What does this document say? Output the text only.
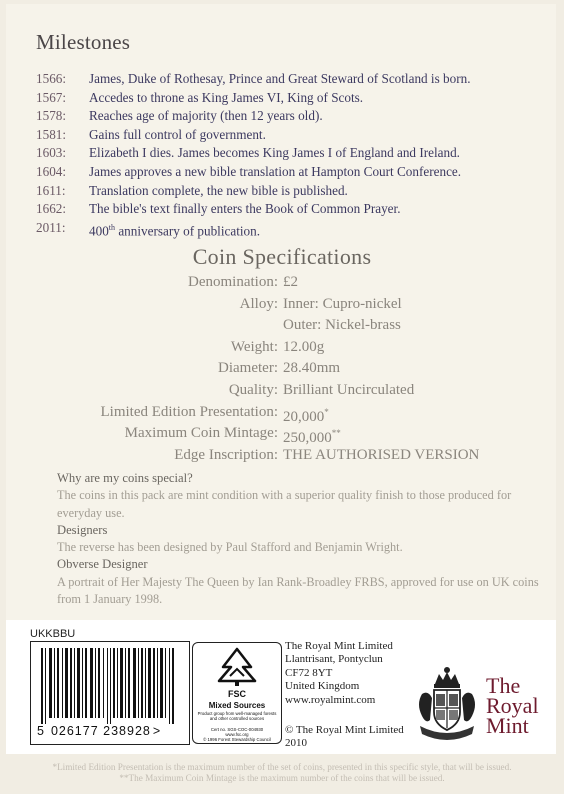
Milestones
1566:	James, Duke of Rothesay, Prince and Great Steward of Scotland is born.
1567:	Accedes to throne as King James VI, King of Scots.
1578:	Reaches age of majority (then 12 years old).
1581:	Gains full control of government.
1603:	Elizabeth I dies. James becomes King James I of England and Ireland.
1604:	James approves a new bible translation at Hampton Court Conference.
1611:	Translation complete, the new bible is published.
1662:	The bible's text finally enters the Book of Common Prayer.
2011:	400th anniversary of publication.
Coin Specifications
Denomination: £2
Alloy: Inner: Cupro-nickel
Outer: Nickel-brass
Weight: 12.00g
Diameter: 28.40mm
Quality: Brilliant Uncirculated
Limited Edition Presentation: 20,000*
Maximum Coin Mintage: 250,000**
Edge Inscription: THE AUTHORISED VERSION
Why are my coins special?
The coins in this pack are mint condition with a superior quality finish to those produced for everyday use.
Designers
The reverse has been designed by Paul Stafford and Benjamin Wright.
Obverse Designer
A portrait of Her Majesty The Queen by Ian Rank-Broadley FRBS, approved for use on UK coins from 1 January 1998.
UKKBBU
5 026177 238928 >
FSC
Mixed Sources
Product group from well-managed forests and other controlled sources
Cert no. SGS-COC-004930
www.fsc.org
© 1996 Forest Stewardship Council
The Royal Mint Limited
Llantrisant, Pontyclun
CF72 8YT
United Kingdom
www.royalmint.com
© The Royal Mint Limited
2010
The
Royal
Mint
*Limited Edition Presentation is the maximum number of the set of coins, presented in this specific style, that will be issued.
**The Maximum Coin Mintage is the maximum number of the coins that will be issued.
